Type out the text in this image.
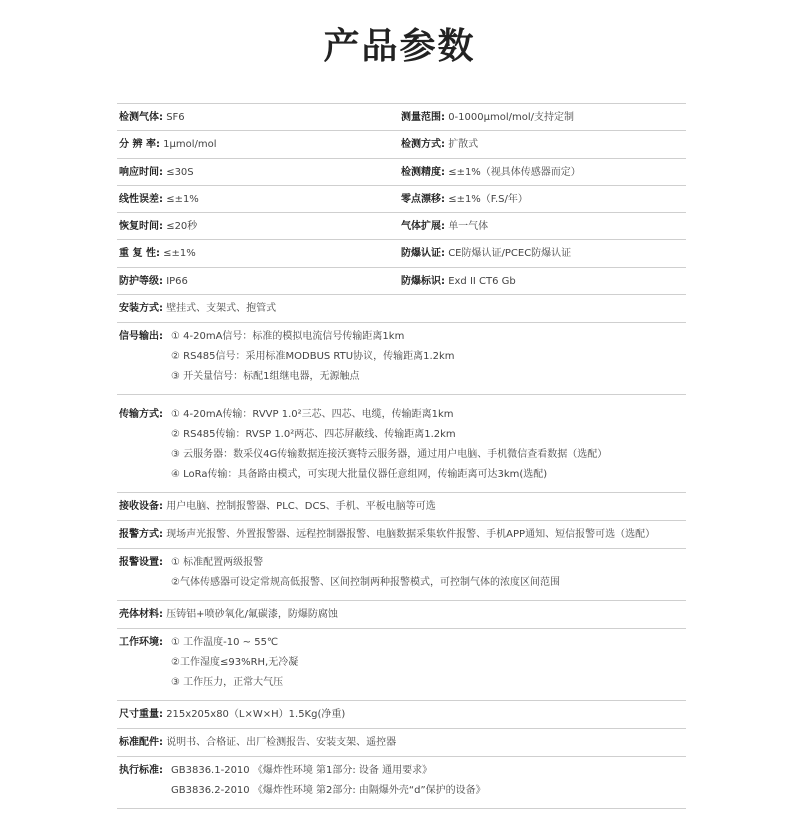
产品参数
检测气体: SF6	测量范围: 0-1000μmol/mol/支持定制
分 辨 率: 1μmol/mol	检测方式: 扩散式
响应时间: ≤30S	检测精度: ≤±1%（视具体传感器而定）
线性误差: ≤±1%	零点漂移: ≤±1%（F.S/年）
恢复时间: ≤20秒	气体扩展: 单一气体
重 复 性: ≤±1%	防爆认证: CE防爆认证/PCEC防爆认证
防护等级: IP66	防爆标识: Exd II CT6 Gb
安装方式: 壁挂式、支架式、抱管式
信号输出: ① 4-20mA信号：标准的模拟电流信号传输距离1km
② RS485信号：采用标准MODBUS RTU协议，传输距离1.2km
③ 开关量信号：标配1组继电器，无源触点
传输方式: ① 4-20mA传输：RVVP 1.0²三芯、四芯、电缆，传输距离1km
② RS485传输：RVSP 1.0²两芯、四芯屏蔽线、传输距离1.2km
③ 云服务器：数采仪4G传输数据连接沃赛特云服务器，通过用户电脑、手机微信查看数据（选配）
④ LoRa传输：具备路由模式，可实现大批量仪器任意组网，传输距离可达3km(选配)
接收设备: 用户电脑、控制报警器、PLC、DCS、手机、平板电脑等可选
报警方式: 现场声光报警、外置报警器、远程控制器报警、电脑数据采集软件报警、手机APP通知、短信报警可选（选配）
报警设置: ① 标准配置两级报警
②气体传感器可设定常规高低报警、区间控制两种报警模式，可控制气体的浓度区间范围
壳体材料: 压铸铝+喷砂氧化/氟碳漆，防爆防腐蚀
工作环境: ① 工作温度-10 ~ 55℃
②工作湿度≤93%RH,无冷凝
③ 工作压力，正常大气压
尺寸重量: 215x205x80（L×W×H）1.5Kg(净重)
标准配件: 说明书、合格证、出厂检测报告、安装支架、遥控器
执行标准: GB3836.1-2010 《爆炸性环境 第1部分: 设备 通用要求》
GB3836.2-2010 《爆炸性环境 第2部分: 由隔爆外壳“d”保护的设备》
